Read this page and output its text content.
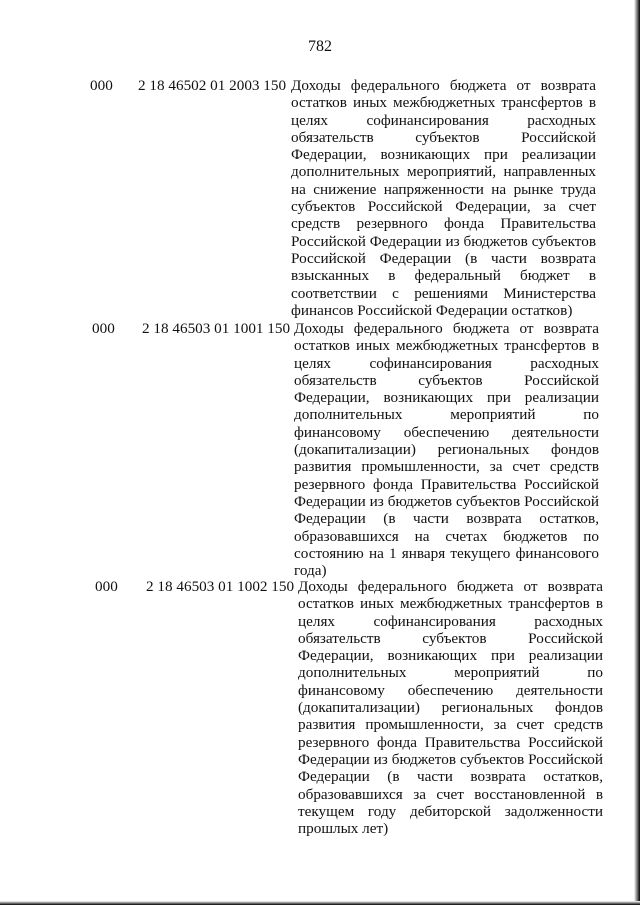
782
000 2 18 46502 01 2003 150 Доходы федерального бюджета от возврата
остатков иных межбюджетных трансфертов в
целях софинансирования расходных
обязательств субъектов Российской
Федерации, возникающих при реализации
дополнительных мероприятий, направленных
на снижение напряженности на рынке труда
субъектов Российской Федерации, за счет
средств резервного фонда Правительства
Российской Федерации из бюджетов субъектов
Российской Федерации (в части возврата
взысканных в федеральный бюджет в
соответствии с решениями Министерства
финансов Российской Федерации остатков)
000 2 18 46503 01 1001 150 Доходы федерального бюджета от возврата
остатков иных межбюджетных трансфертов в
целях софинансирования расходных
обязательств субъектов Российской
Федерации, возникающих при реализации
дополнительных мероприятий по
финансовому обеспечению деятельности
(докапитализации) региональных фондов
развития промышленности, за счет средств
резервного фонда Правительства Российской
Федерации из бюджетов субъектов Российской
Федерации (в части возврата остатков,
образовавшихся на счетах бюджетов по
состоянию на 1 января текущего финансового
года)
000 2 18 46503 01 1002 150 Доходы федерального бюджета от возврата
остатков иных межбюджетных трансфертов в
целях софинансирования расходных
обязательств субъектов Российской
Федерации, возникающих при реализации
дополнительных мероприятий по
финансовому обеспечению деятельности
(докапитализации) региональных фондов
развития промышленности, за счет средств
резервного фонда Правительства Российской
Федерации из бюджетов субъектов Российской
Федерации (в части возврата остатков,
образовавшихся за счет восстановленной в
текущем году дебиторской задолженности
прошлых лет)
